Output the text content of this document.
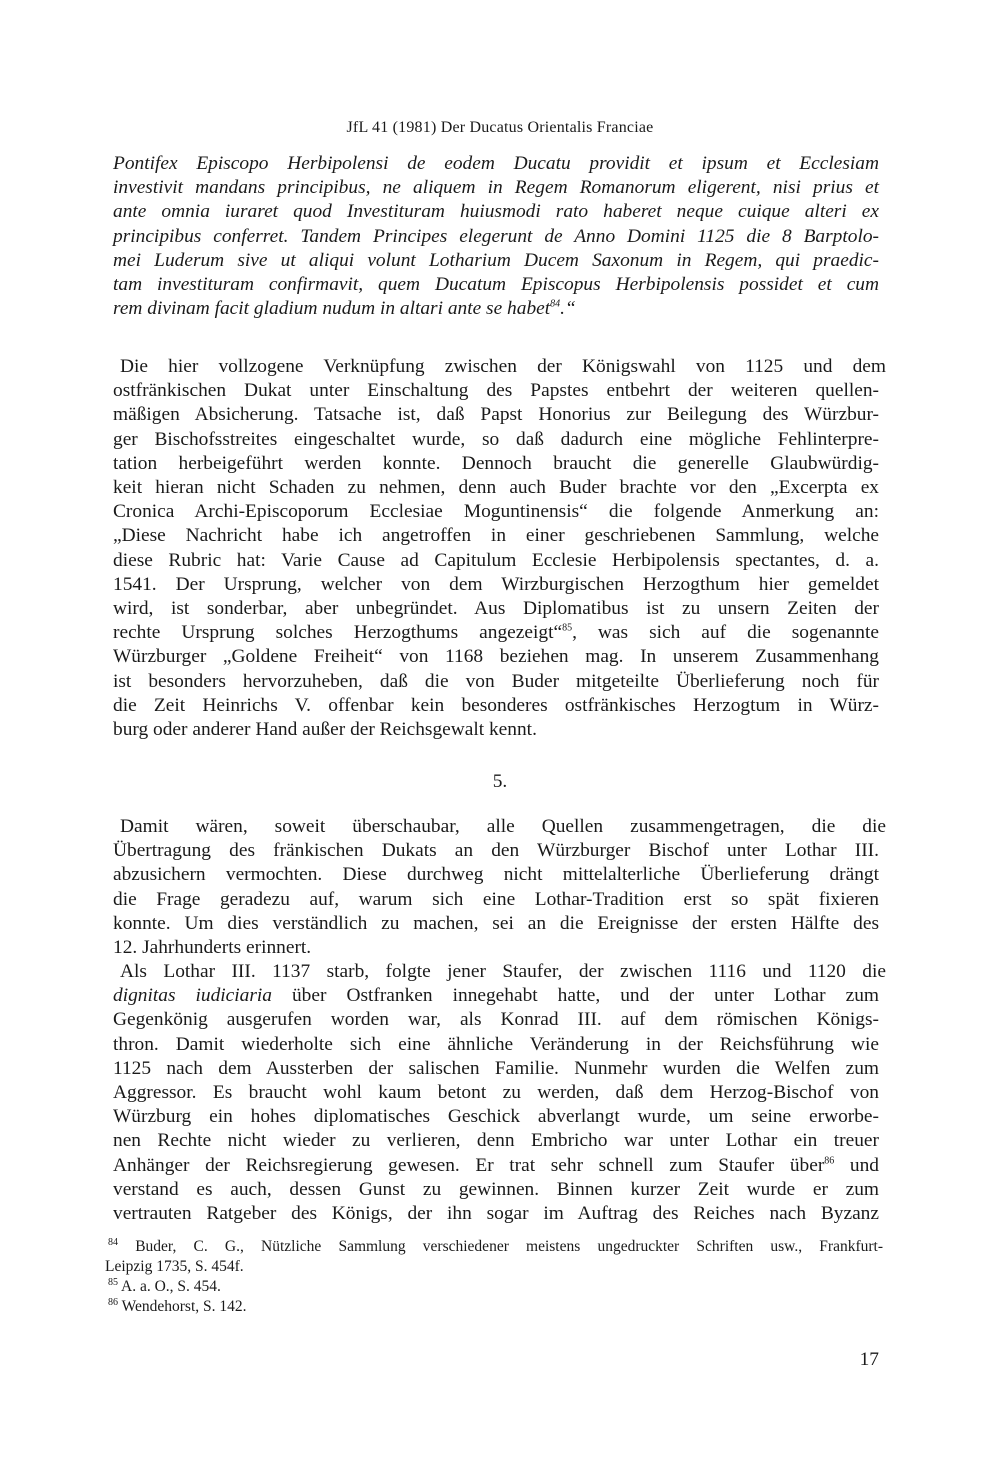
JfL 41 (1981) Der Ducatus Orientalis Franciae
Pontifex Episcopo Herbipolensi de eodem Ducatu providit et ipsum et Ecclesiam
investivit mandans principibus, ne aliquem in Regem Romanorum eligerent, nisi prius et
ante omnia iuraret quod Investituram huiusmodi rato haberet neque cuique alteri ex
principibus conferret. Tandem Principes elegerunt de Anno Domini 1125 die 8 Barptolo-
mei Luderum sive ut aliqui volunt Lotharium Ducem Saxonum in Regem, qui praedic-
tam investituram confirmavit, quem Ducatum Episcopus Herbipolensis possidet et cum
rem divinam facit gladium nudum in altari ante se habet$^{84}$.“
Die hier vollzogene Verknüpfung zwischen der Königswahl von 1125 und dem
ostfränkischen Dukat unter Einschaltung des Papstes entbehrt der weiteren quellen-
mäßigen Absicherung. Tatsache ist, daß Papst Honorius zur Beilegung des Würzbur-
ger Bischofsstreites eingeschaltet wurde, so daß dadurch eine mögliche Fehlinterpre-
tation herbeigeführt werden konnte. Dennoch braucht die generelle Glaubwürdig-
keit hieran nicht Schaden zu nehmen, denn auch Buder brachte vor den „Excerpta ex
Cronica Archi-Episcoporum Ecclesiae Moguntinensis“ die folgende Anmerkung an:
„Diese Nachricht habe ich angetroffen in einer geschriebenen Sammlung, welche
diese Rubric hat: Varie Cause ad Capitulum Ecclesie Herbipolensis spectantes, d. a.
1541. Der Ursprung, welcher von dem Wirzburgischen Herzogthum hier gemeldet
wird, ist sonderbar, aber unbegründet. Aus Diplomatibus ist zu unsern Zeiten der
rechte Ursprung solches Herzogthums angezeigt“$^{85}$, was sich auf die sogenannte
Würzburger „Goldene Freiheit“ von 1168 beziehen mag. In unserem Zusammenhang
ist besonders hervorzuheben, daß die von Buder mitgeteilte Überlieferung noch für
die Zeit Heinrichs V. offenbar kein besonderes ostfränkisches Herzogtum in Würz-
burg oder anderer Hand außer der Reichsgewalt kennt.
5.
Damit wären, soweit überschaubar, alle Quellen zusammengetragen, die die
Übertragung des fränkischen Dukats an den Würzburger Bischof unter Lothar III.
abzusichern vermochten. Diese durchweg nicht mittelalterliche Überlieferung drängt
die Frage geradezu auf, warum sich eine Lothar-Tradition erst so spät fixieren
konnte. Um dies verständlich zu machen, sei an die Ereignisse der ersten Hälfte des
12. Jahrhunderts erinnert.
Als Lothar III. 1137 starb, folgte jener Staufer, der zwischen 1116 und 1120 die
dignitas iudiciaria über Ostfranken innegehabt hatte, und der unter Lothar zum
Gegenkönig ausgerufen worden war, als Konrad III. auf dem römischen Königs-
thron. Damit wiederholte sich eine ähnliche Veränderung in der Reichsführung wie
1125 nach dem Aussterben der salischen Familie. Nunmehr wurden die Welfen zum
Aggressor. Es braucht wohl kaum betont zu werden, daß dem Herzog-Bischof von
Würzburg ein hohes diplomatisches Geschick abverlangt wurde, um seine erworbe-
nen Rechte nicht wieder zu verlieren, denn Embricho war unter Lothar ein treuer
Anhänger der Reichsregierung gewesen. Er trat sehr schnell zum Staufer über$^{86}$ und
verstand es auch, dessen Gunst zu gewinnen. Binnen kurzer Zeit wurde er zum
vertrauten Ratgeber des Königs, der ihn sogar im Auftrag des Reiches nach Byzanz
$^{84}$ Buder, C. G., Nützliche Sammlung verschiedener meistens ungedruckter Schriften usw., Frankfurt-
Leipzig 1735, S. 454f.
$^{85}$ A. a. O., S. 454.
$^{86}$ Wendehorst, S. 142.
17
